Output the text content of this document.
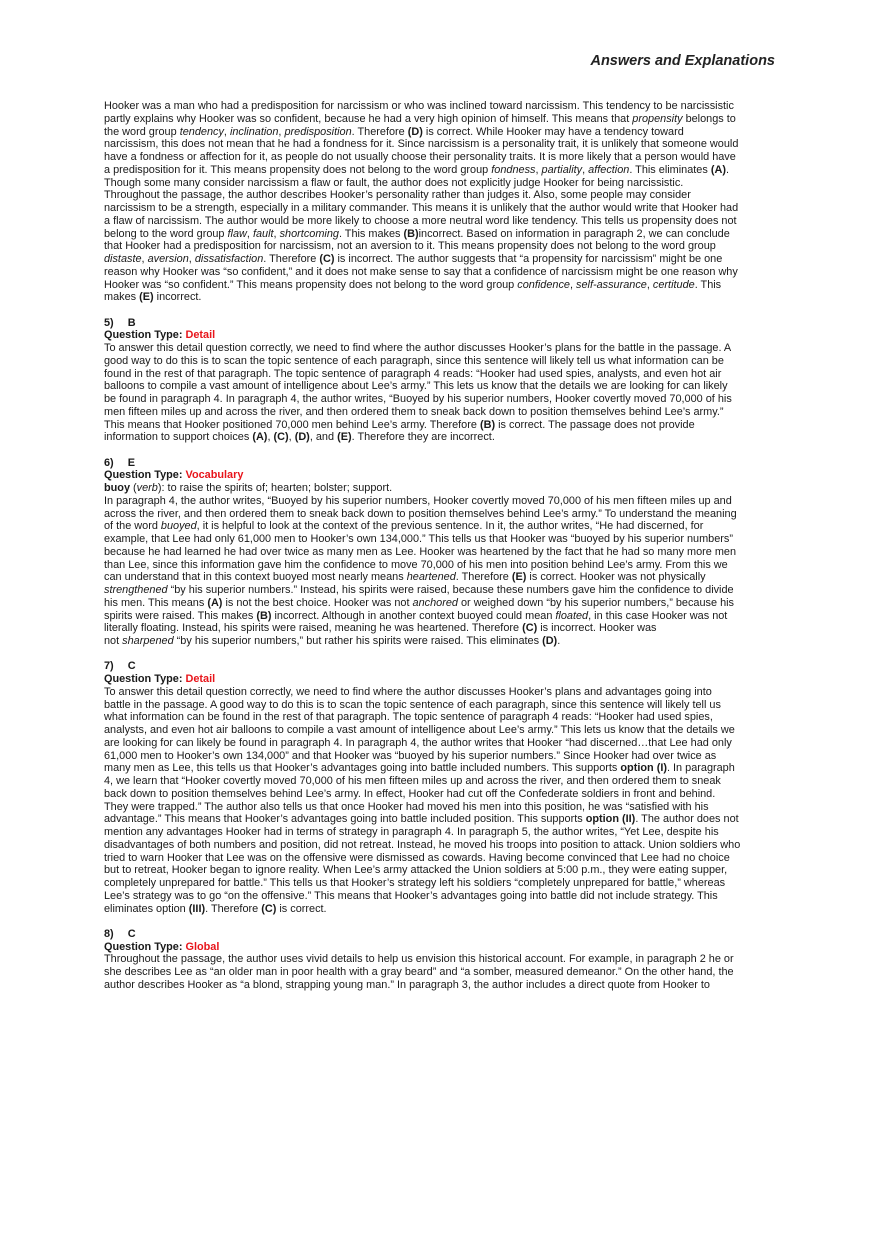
Answers and Explanations
Hooker was a man who had a predisposition for narcissism or who was inclined toward narcissism. This tendency to be narcissistic
partly explains why Hooker was so confident, because he had a very high opinion of himself. This means that propensity belongs to
the word group tendency, inclination, predisposition. Therefore (D) is correct. While Hooker may have a tendency toward
narcissism, this does not mean that he had a fondness for it. Since narcissism is a personality trait, it is unlikely that someone would
have a fondness or affection for it, as people do not usually choose their personality traits. It is more likely that a person would have
a predisposition for it. This means propensity does not belong to the word group fondness, partiality, affection. This eliminates (A).
Though some many consider narcissism a flaw or fault, the author does not explicitly judge Hooker for being narcissistic.
Throughout the passage, the author describes Hooker’s personality rather than judges it. Also, some people may consider
narcissism to be a strength, especially in a military commander. This means it is unlikely that the author would write that Hooker had
a flaw of narcissism. The author would be more likely to choose a more neutral word like tendency. This tells us propensity does not
belong to the word group flaw, fault, shortcoming. This makes (B)incorrect. Based on information in paragraph 2, we can conclude
that Hooker had a predisposition for narcissism, not an aversion to it. This means propensity does not belong to the word group
distaste, aversion, dissatisfaction. Therefore (C) is incorrect. The author suggests that “a propensity for narcissism” might be one
reason why Hooker was “so confident,” and it does not make sense to say that a confidence of narcissism might be one reason why
Hooker was “so confident.” This means propensity does not belong to the word group confidence, self-assurance, certitude. This
makes (E) incorrect.
5) B
Question Type: Detail
To answer this detail question correctly, we need to find where the author discusses Hooker’s plans for the battle in the passage. A
good way to do this is to scan the topic sentence of each paragraph, since this sentence will likely tell us what information can be
found in the rest of that paragraph. The topic sentence of paragraph 4 reads: “Hooker had used spies, analysts, and even hot air
balloons to compile a vast amount of intelligence about Lee’s army.” This lets us know that the details we are looking for can likely
be found in paragraph 4. In paragraph 4, the author writes, “Buoyed by his superior numbers, Hooker covertly moved 70,000 of his
men fifteen miles up and across the river, and then ordered them to sneak back down to position themselves behind Lee’s army.”
This means that Hooker positioned 70,000 men behind Lee’s army. Therefore (B) is correct. The passage does not provide
information to support choices (A), (C), (D), and (E). Therefore they are incorrect.
6) E
Question Type: Vocabulary
buoy (verb): to raise the spirits of; hearten; bolster; support.
In paragraph 4, the author writes, “Buoyed by his superior numbers, Hooker covertly moved 70,000 of his men fifteen miles up and
across the river, and then ordered them to sneak back down to position themselves behind Lee’s army.” To understand the meaning
of the word buoyed, it is helpful to look at the context of the previous sentence. In it, the author writes, “He had discerned, for
example, that Lee had only 61,000 men to Hooker’s own 134,000.” This tells us that Hooker was “buoyed by his superior numbers”
because he had learned he had over twice as many men as Lee. Hooker was heartened by the fact that he had so many more men
than Lee, since this information gave him the confidence to move 70,000 of his men into position behind Lee’s army. From this we
can understand that in this context buoyed most nearly means heartened. Therefore (E) is correct. Hooker was not physically
strengthened “by his superior numbers.” Instead, his spirits were raised, because these numbers gave him the confidence to divide
his men. This means (A) is not the best choice. Hooker was not anchored or weighed down “by his superior numbers,” because his
spirits were raised. This makes (B) incorrect. Although in another context buoyed could mean floated, in this case Hooker was not
literally floating. Instead, his spirits were raised, meaning he was heartened. Therefore (C) is incorrect. Hooker was
not sharpened “by his superior numbers,” but rather his spirits were raised. This eliminates (D).
7) C
Question Type: Detail
To answer this detail question correctly, we need to find where the author discusses Hooker’s plans and advantages going into
battle in the passage. A good way to do this is to scan the topic sentence of each paragraph, since this sentence will likely tell us
what information can be found in the rest of that paragraph. The topic sentence of paragraph 4 reads: “Hooker had used spies,
analysts, and even hot air balloons to compile a vast amount of intelligence about Lee’s army.” This lets us know that the details we
are looking for can likely be found in paragraph 4. In paragraph 4, the author writes that Hooker “had discerned…that Lee had only
61,000 men to Hooker’s own 134,000” and that Hooker was “buoyed by his superior numbers.” Since Hooker had over twice as
many men as Lee, this tells us that Hooker’s advantages going into battle included numbers. This supports option (I). In paragraph
4, we learn that “Hooker covertly moved 70,000 of his men fifteen miles up and across the river, and then ordered them to sneak
back down to position themselves behind Lee’s army. In effect, Hooker had cut off the Confederate soldiers in front and behind.
They were trapped.” The author also tells us that once Hooker had moved his men into this position, he was “satisfied with his
advantage.” This means that Hooker’s advantages going into battle included position. This supports option (II). The author does not
mention any advantages Hooker had in terms of strategy in paragraph 4. In paragraph 5, the author writes, “Yet Lee, despite his
disadvantages of both numbers and position, did not retreat. Instead, he moved his troops into position to attack. Union soldiers who
tried to warn Hooker that Lee was on the offensive were dismissed as cowards. Having become convinced that Lee had no choice
but to retreat, Hooker began to ignore reality. When Lee’s army attacked the Union soldiers at 5:00 p.m., they were eating supper,
completely unprepared for battle.” This tells us that Hooker’s strategy left his soldiers “completely unprepared for battle,” whereas
Lee’s strategy was to go “on the offensive.” This means that Hooker’s advantages going into battle did not include strategy. This
eliminates option (III). Therefore (C) is correct.
8) C
Question Type: Global
Throughout the passage, the author uses vivid details to help us envision this historical account. For example, in paragraph 2 he or
she describes Lee as “an older man in poor health with a gray beard” and “a somber, measured demeanor.” On the other hand, the
author describes Hooker as “a blond, strapping young man.” In paragraph 3, the author includes a direct quote from Hooker to
